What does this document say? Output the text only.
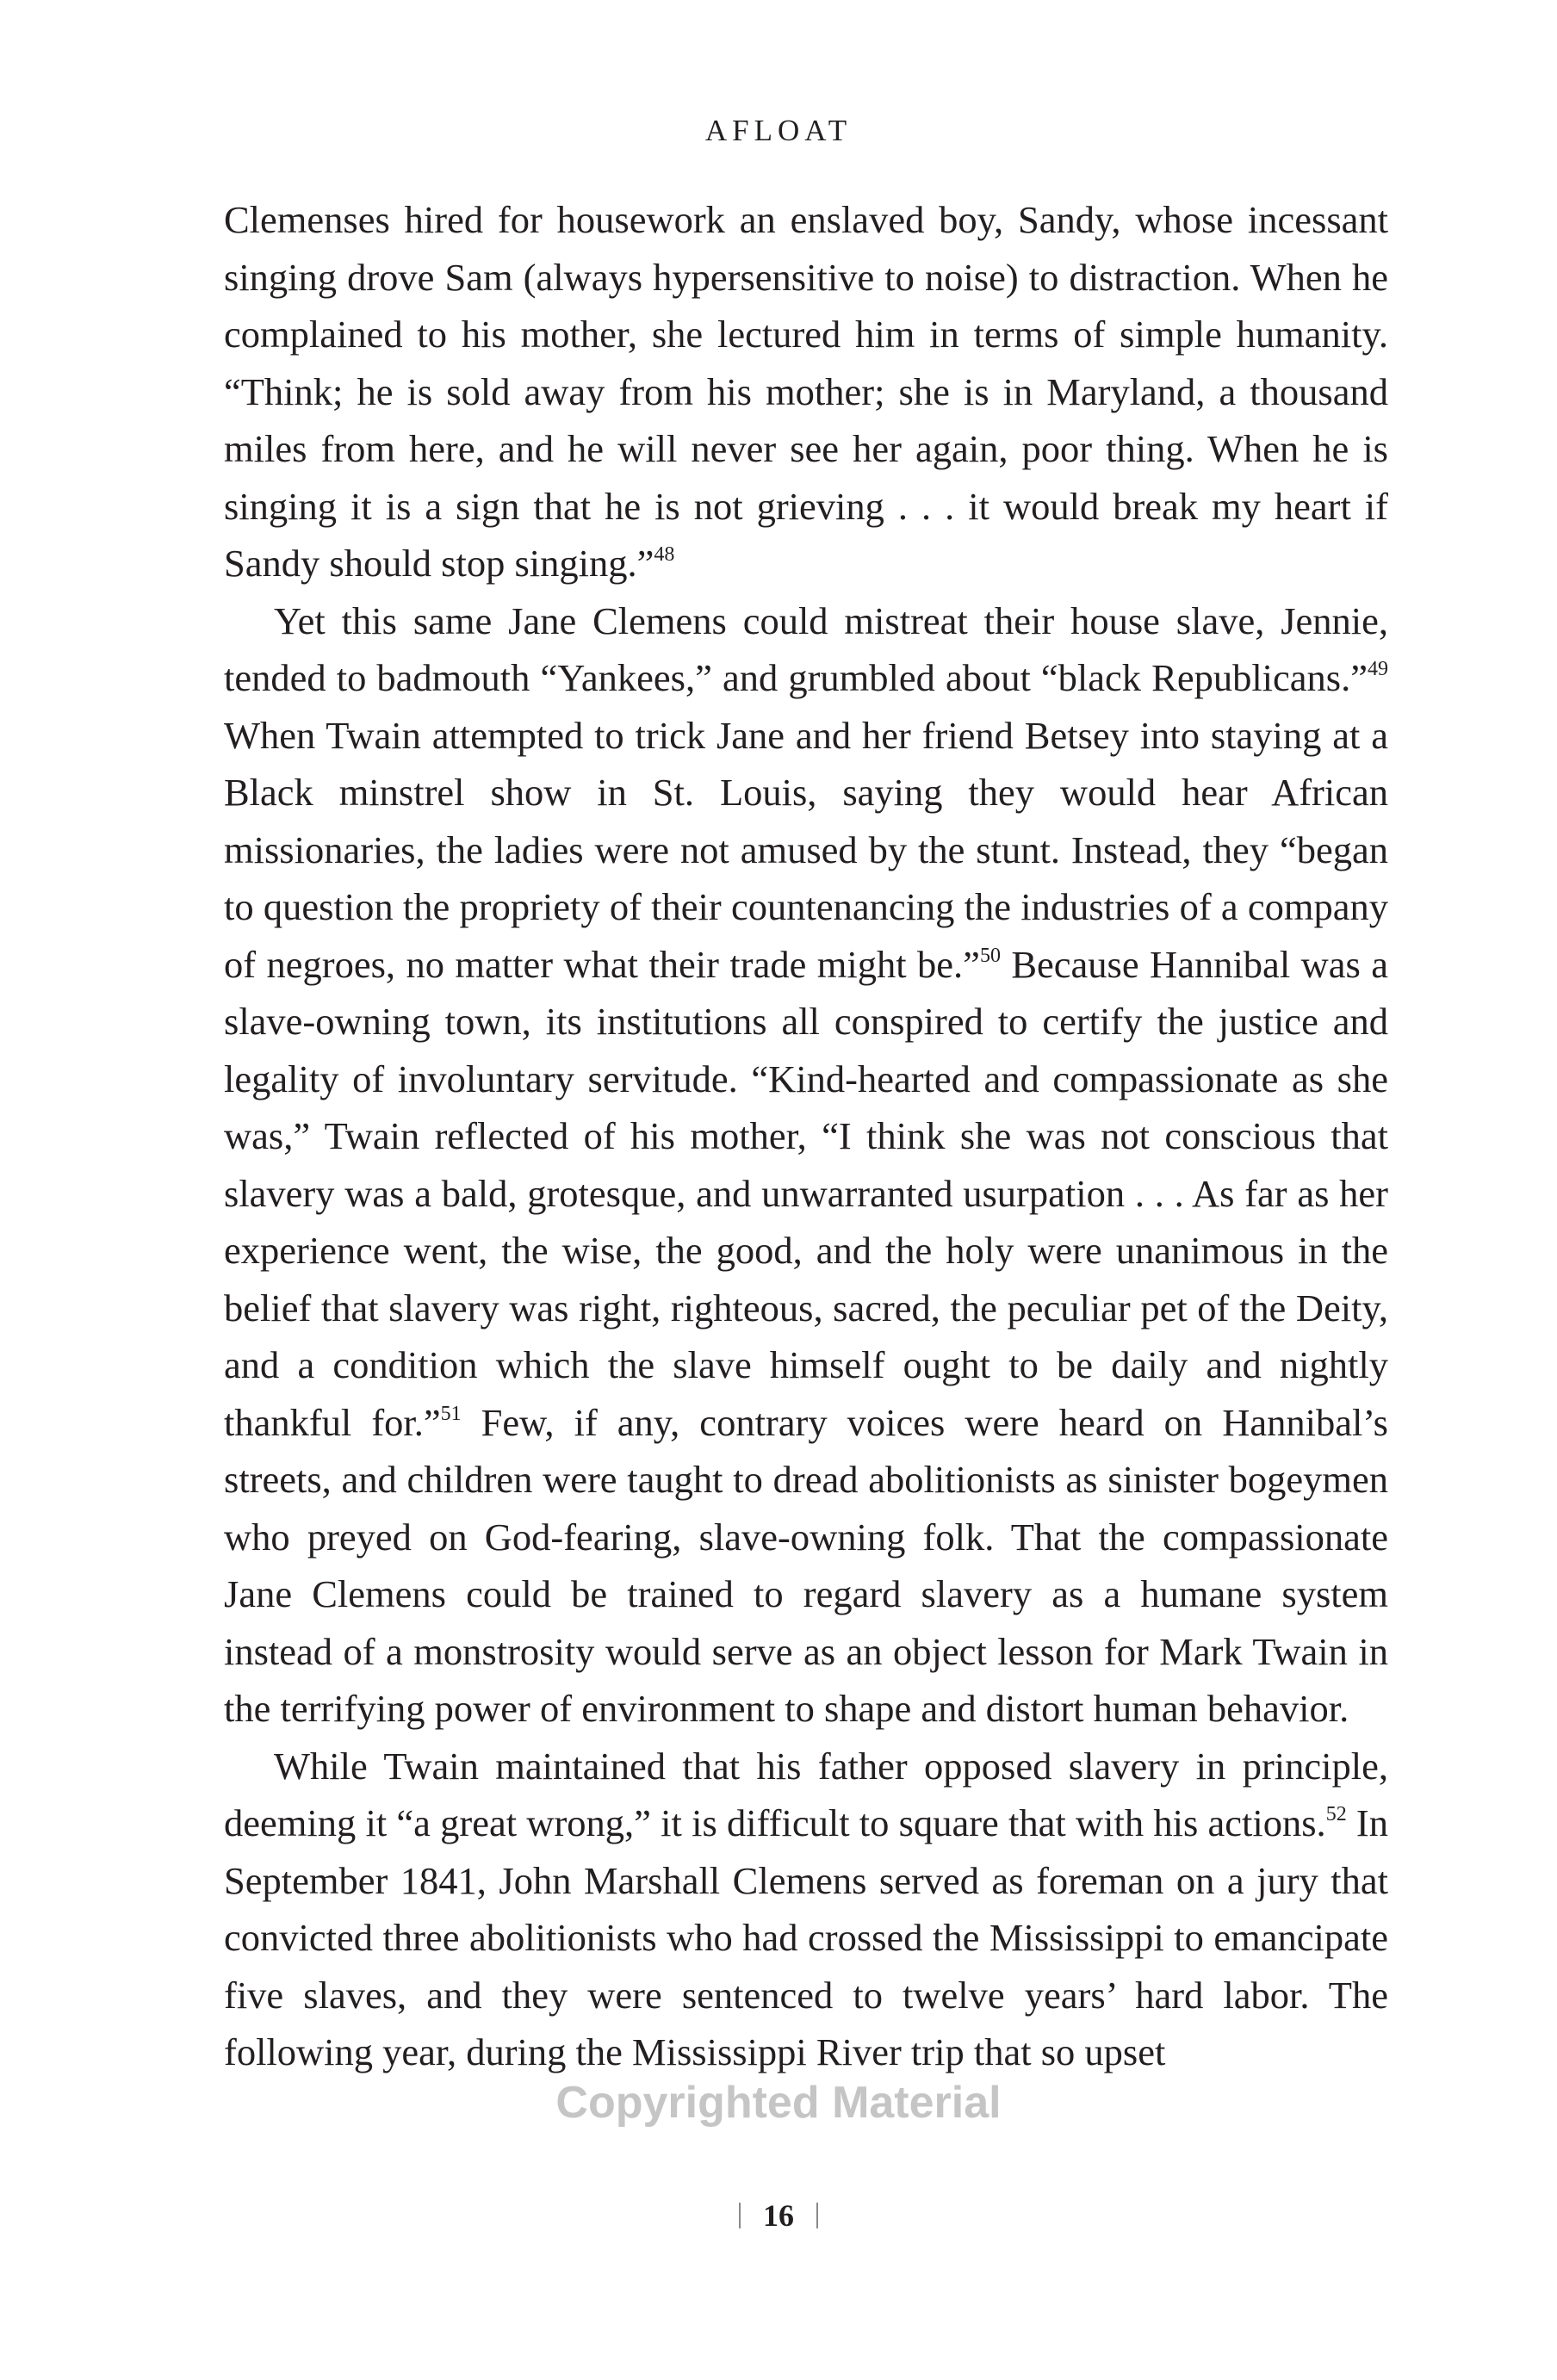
AFLOAT

Clemenses hired for housework an enslaved boy, Sandy, whose incessant singing drove Sam (always hypersensitive to noise) to distraction. When he complained to his mother, she lectured him in terms of simple humanity. “Think; he is sold away from his mother; she is in Maryland, a thousand miles from here, and he will never see her again, poor thing. When he is singing it is a sign that he is not grieving . . . it would break my heart if Sandy should stop singing.”$^{48}$

Yet this same Jane Clemens could mistreat their house slave, Jennie, tended to badmouth “Yankees,” and grumbled about “black Republicans.”$^{49}$ When Twain attempted to trick Jane and her friend Betsey into staying at a Black minstrel show in St. Louis, saying they would hear African missionaries, the ladies were not amused by the stunt. Instead, they “began to question the propriety of their countenancing the industries of a company of negroes, no matter what their trade might be.”$^{50}$ Because Hannibal was a slave-owning town, its institutions all conspired to certify the justice and legality of involuntary servitude. “Kind-hearted and compassionate as she was,” Twain reflected of his mother, “I think she was not conscious that slavery was a bald, grotesque, and unwarranted usurpation . . . As far as her experience went, the wise, the good, and the holy were unanimous in the belief that slavery was right, righteous, sacred, the peculiar pet of the Deity, and a condition which the slave himself ought to be daily and nightly thankful for.”$^{51}$ Few, if any, contrary voices were heard on Hannibal’s streets, and children were taught to dread abolitionists as sinister bogeymen who preyed on God-fearing, slave-owning folk. That the compassionate Jane Clemens could be trained to regard slavery as a humane system instead of a monstrosity would serve as an object lesson for Mark Twain in the terrifying power of environment to shape and distort human behavior.

While Twain maintained that his father opposed slavery in principle, deeming it “a great wrong,” it is difficult to square that with his actions.$^{52}$ In September 1841, John Marshall Clemens served as foreman on a jury that convicted three abolitionists who had crossed the Mississippi to emancipate five slaves, and they were sentenced to twelve years’ hard labor. The following year, during the Mississippi River trip that so upset

Copyrighted Material
16
